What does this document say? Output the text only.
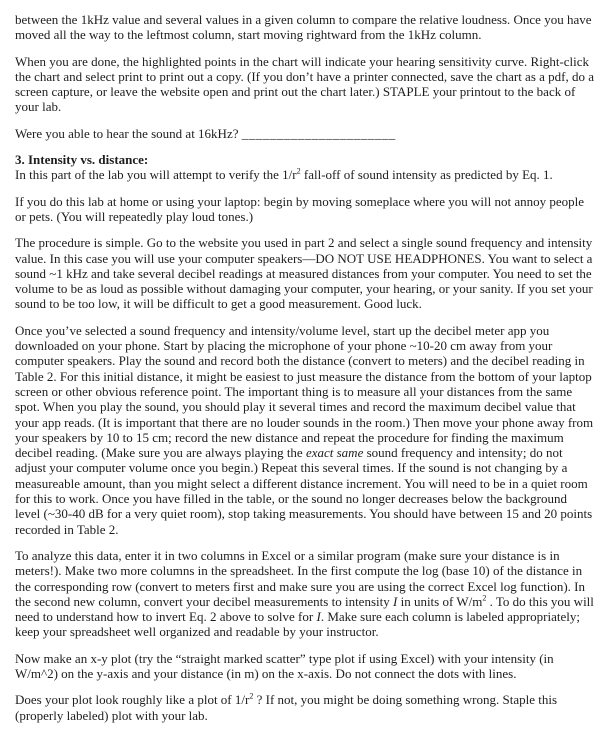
between the 1kHz value and several values in a given column to compare the relative loudness. Once you have moved all the way to the leftmost column, start moving rightward from the 1kHz column.

When you are done, the highlighted points in the chart will indicate your hearing sensitivity curve. Right-click the chart and select print to print out a copy. (If you don’t have a printer connected, save the chart as a pdf, do a screen capture, or leave the website open and print out the chart later.) STAPLE your printout to the back of your lab.

Were you able to hear the sound at 16kHz? ______________________

3. Intensity vs. distance:

In this part of the lab you will attempt to verify the $1/r^2$ fall-off of sound intensity as predicted by Eq. 1.

If you do this lab at home or using your laptop: begin by moving someplace where you will not annoy people or pets. (You will repeatedly play loud tones.)

The procedure is simple. Go to the website you used in part 2 and select a single sound frequency and intensity value. In this case you will use your computer speakers—DO NOT USE HEADPHONES. You want to select a sound ~1 kHz and take several decibel readings at measured distances from your computer. You need to set the volume to be as loud as possible without damaging your computer, your hearing, or your sanity. If you set your sound to be too low, it will be difficult to get a good measurement. Good luck.

Once you’ve selected a sound frequency and intensity/volume level, start up the decibel meter app you downloaded on your phone. Start by placing the microphone of your phone ~10-20 cm away from your computer speakers. Play the sound and record both the distance (convert to meters) and the decibel reading in Table 2. For this initial distance, it might be easiest to just measure the distance from the bottom of your laptop screen or other obvious reference point. The important thing is to measure all your distances from the same spot. When you play the sound, you should play it several times and record the maximum decibel value that your app reads. (It is important that there are no louder sounds in the room.) Then move your phone away from your speakers by 10 to 15 cm; record the new distance and repeat the procedure for finding the maximum decibel reading. (Make sure you are always playing the exact same sound frequency and intensity; do not adjust your computer volume once you begin.) Repeat this several times. If the sound is not changing by a measureable amount, than you might select a different distance increment. You will need to be in a quiet room for this to work. Once you have filled in the table, or the sound no longer decreases below the background level (~30-40 dB for a very quiet room), stop taking measurements. You should have between 15 and 20 points recorded in Table 2.

To analyze this data, enter it in two columns in Excel or a similar program (make sure your distance is in meters!). Make two more columns in the spreadsheet. In the first compute the log (base 10) of the distance in the corresponding row (convert to meters first and make sure you are using the correct Excel log function). In the second new column, convert your decibel measurements to intensity I in units of $W/m^2$ . To do this you will need to understand how to invert Eq. 2 above to solve for I. Make sure each column is labeled appropriately; keep your spreadsheet well organized and readable by your instructor.

Now make an x-y plot (try the “straight marked scatter” type plot if using Excel) with your intensity (in W/m^2) on the y-axis and your distance (in m) on the x-axis. Do not connect the dots with lines.

Does your plot look roughly like a plot of $1/r^2$ ? If not, you might be doing something wrong. Staple this (properly labeled) plot with your lab.
